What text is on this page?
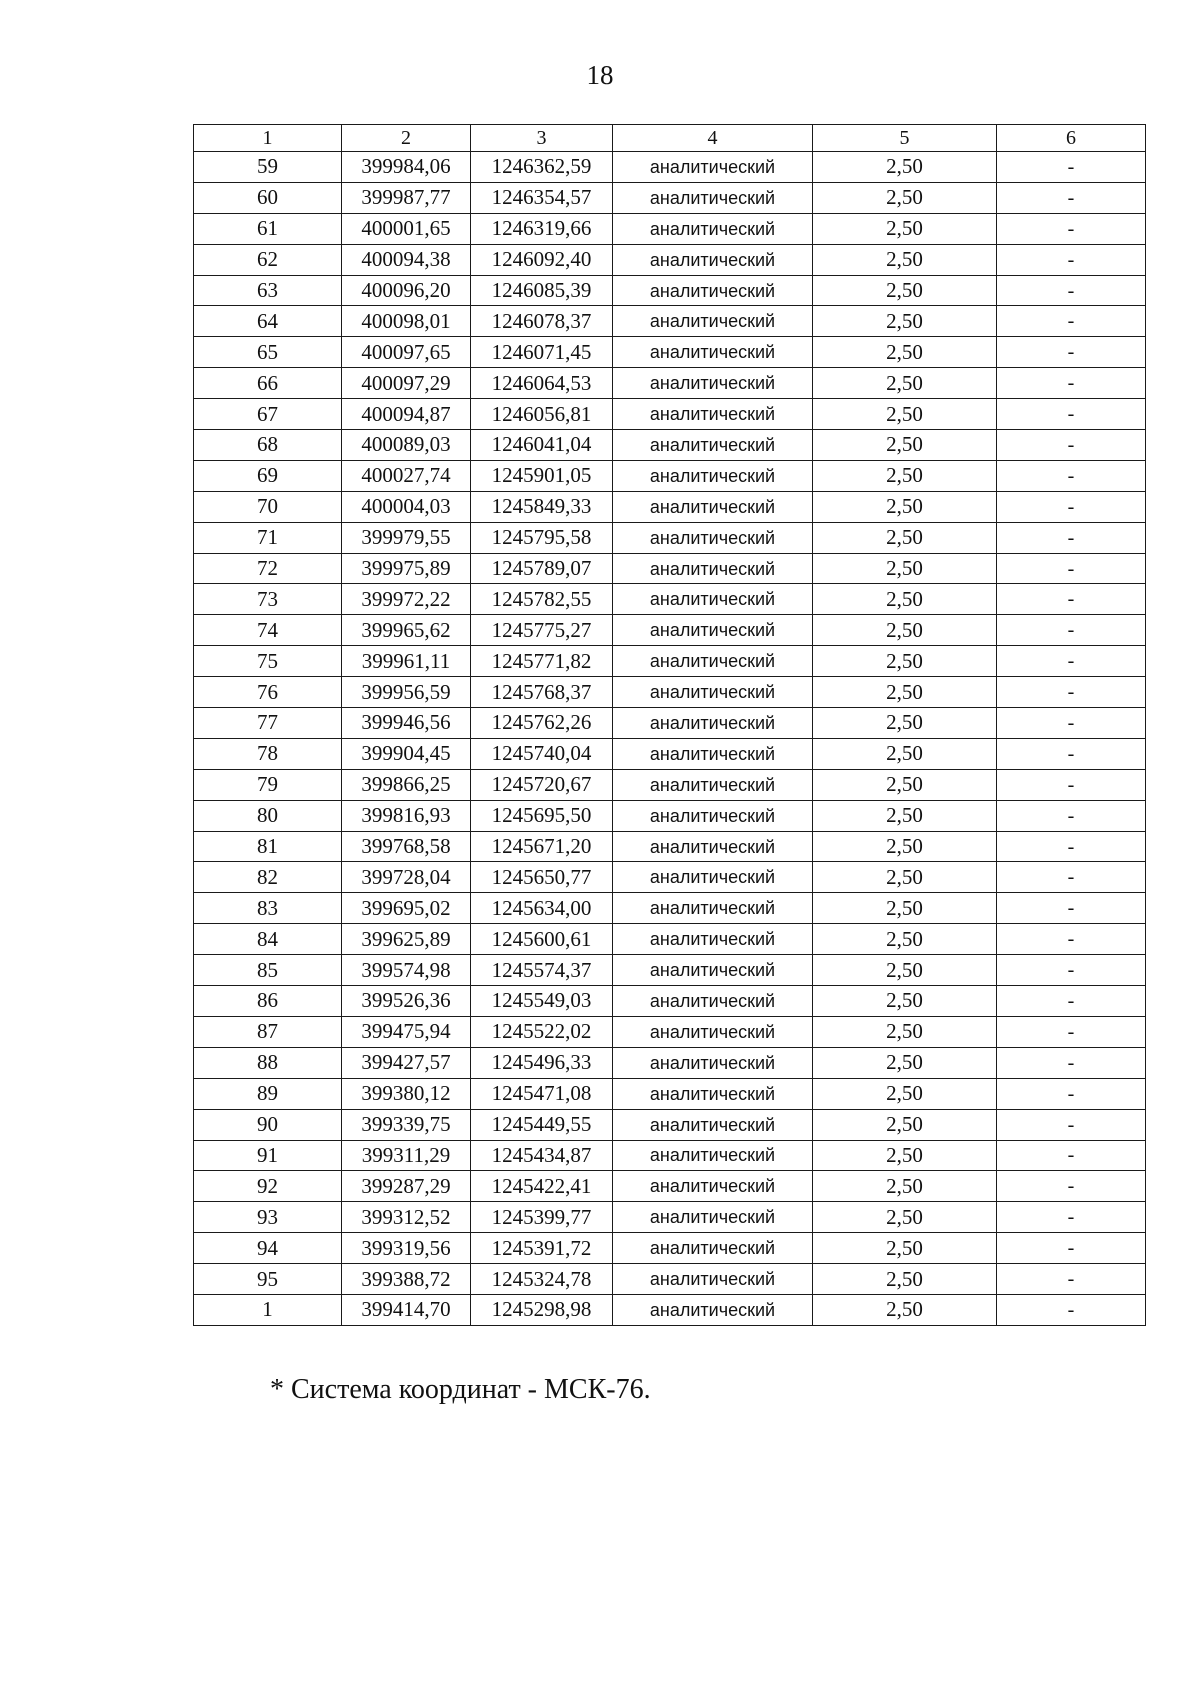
18
1	2	3	4	5	6
59	399984,06	1246362,59	аналитический	2,50	-
60	399987,77	1246354,57	аналитический	2,50	-
61	400001,65	1246319,66	аналитический	2,50	-
62	400094,38	1246092,40	аналитический	2,50	-
63	400096,20	1246085,39	аналитический	2,50	-
64	400098,01	1246078,37	аналитический	2,50	-
65	400097,65	1246071,45	аналитический	2,50	-
66	400097,29	1246064,53	аналитический	2,50	-
67	400094,87	1246056,81	аналитический	2,50	-
68	400089,03	1246041,04	аналитический	2,50	-
69	400027,74	1245901,05	аналитический	2,50	-
70	400004,03	1245849,33	аналитический	2,50	-
71	399979,55	1245795,58	аналитический	2,50	-
72	399975,89	1245789,07	аналитический	2,50	-
73	399972,22	1245782,55	аналитический	2,50	-
74	399965,62	1245775,27	аналитический	2,50	-
75	399961,11	1245771,82	аналитический	2,50	-
76	399956,59	1245768,37	аналитический	2,50	-
77	399946,56	1245762,26	аналитический	2,50	-
78	399904,45	1245740,04	аналитический	2,50	-
79	399866,25	1245720,67	аналитический	2,50	-
80	399816,93	1245695,50	аналитический	2,50	-
81	399768,58	1245671,20	аналитический	2,50	-
82	399728,04	1245650,77	аналитический	2,50	-
83	399695,02	1245634,00	аналитический	2,50	-
84	399625,89	1245600,61	аналитический	2,50	-
85	399574,98	1245574,37	аналитический	2,50	-
86	399526,36	1245549,03	аналитический	2,50	-
87	399475,94	1245522,02	аналитический	2,50	-
88	399427,57	1245496,33	аналитический	2,50	-
89	399380,12	1245471,08	аналитический	2,50	-
90	399339,75	1245449,55	аналитический	2,50	-
91	399311,29	1245434,87	аналитический	2,50	-
92	399287,29	1245422,41	аналитический	2,50	-
93	399312,52	1245399,77	аналитический	2,50	-
94	399319,56	1245391,72	аналитический	2,50	-
95	399388,72	1245324,78	аналитический	2,50	-
1	399414,70	1245298,98	аналитический	2,50	-
* Система координат - МСК-76.
